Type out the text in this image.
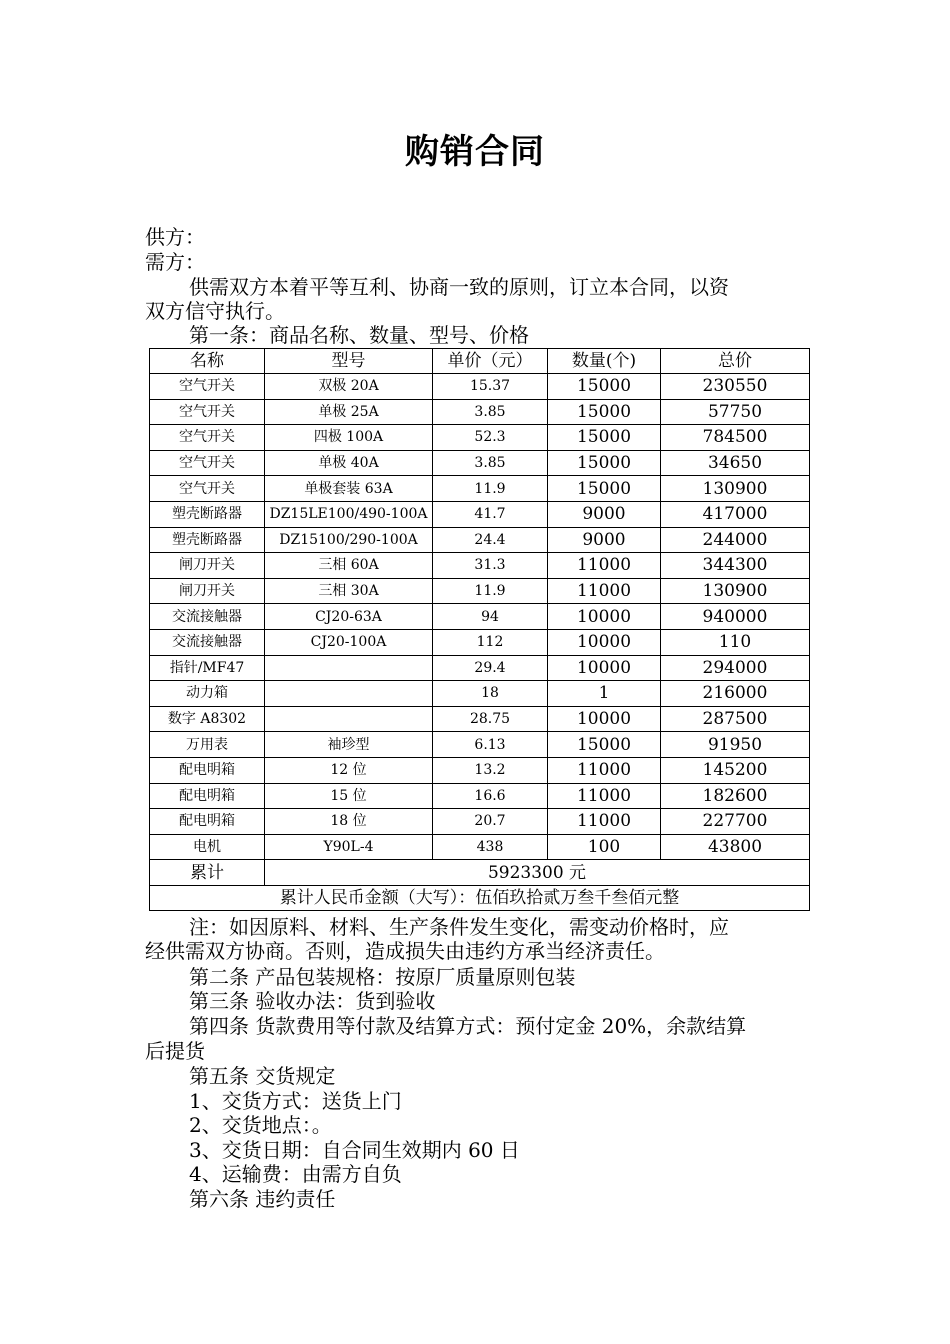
购销合同
供方：
需方：
供需双方本着平等互利、协商一致的原则，订立本合同，以资
双方信守执行。
第一条：商品名称、数量、型号、价格
名称	型号	单价（元）	数量(个)	总价
空气开关	双极 20A	15.37	15000	230550
空气开关	单极 25A	3.85	15000	57750
空气开关	四极 100A	52.3	15000	784500
空气开关	单极 40A	3.85	15000	34650
空气开关	单极套装 63A	11.9	15000	130900
塑壳断路器	DZ15LE100/490-100A	41.7	9000	417000
塑壳断路器	DZ15100/290-100A	24.4	9000	244000
闸刀开关	三相 60A	31.3	11000	344300
闸刀开关	三相 30A	11.9	11000	130900
交流接触器	CJ20-63A	94	10000	940000
交流接触器	CJ20-100A	112	10000	110
指针/MF47		29.4	10000	294000
动力箱		18	1	216000
数字 A8302		28.75	10000	287500
万用表	袖珍型	6.13	15000	91950
配电明箱	12 位	13.2	11000	145200
配电明箱	15 位	16.6	11000	182600
配电明箱	18 位	20.7	11000	227700
电机	Y90L-4	438	100	43800
累计	5923300 元			
累计人民币金额（大写）：伍佰玖拾贰万叁千叁佰元整				
注：如因原料、材料、生产条件发生变化，需变动价格时，应
经供需双方协商。否则，造成损失由违约方承当经济责任。
第二条 产品包装规格：按原厂质量原则包装
第三条 验收办法：货到验收
第四条 货款费用等付款及结算方式：预付定金 20%，余款结算
后提货
第五条 交货规定
1、交货方式：送货上门
2、交货地点：。
3、交货日期：自合同生效期内 60 日
4、运输费：由需方自负
第六条 违约责任
